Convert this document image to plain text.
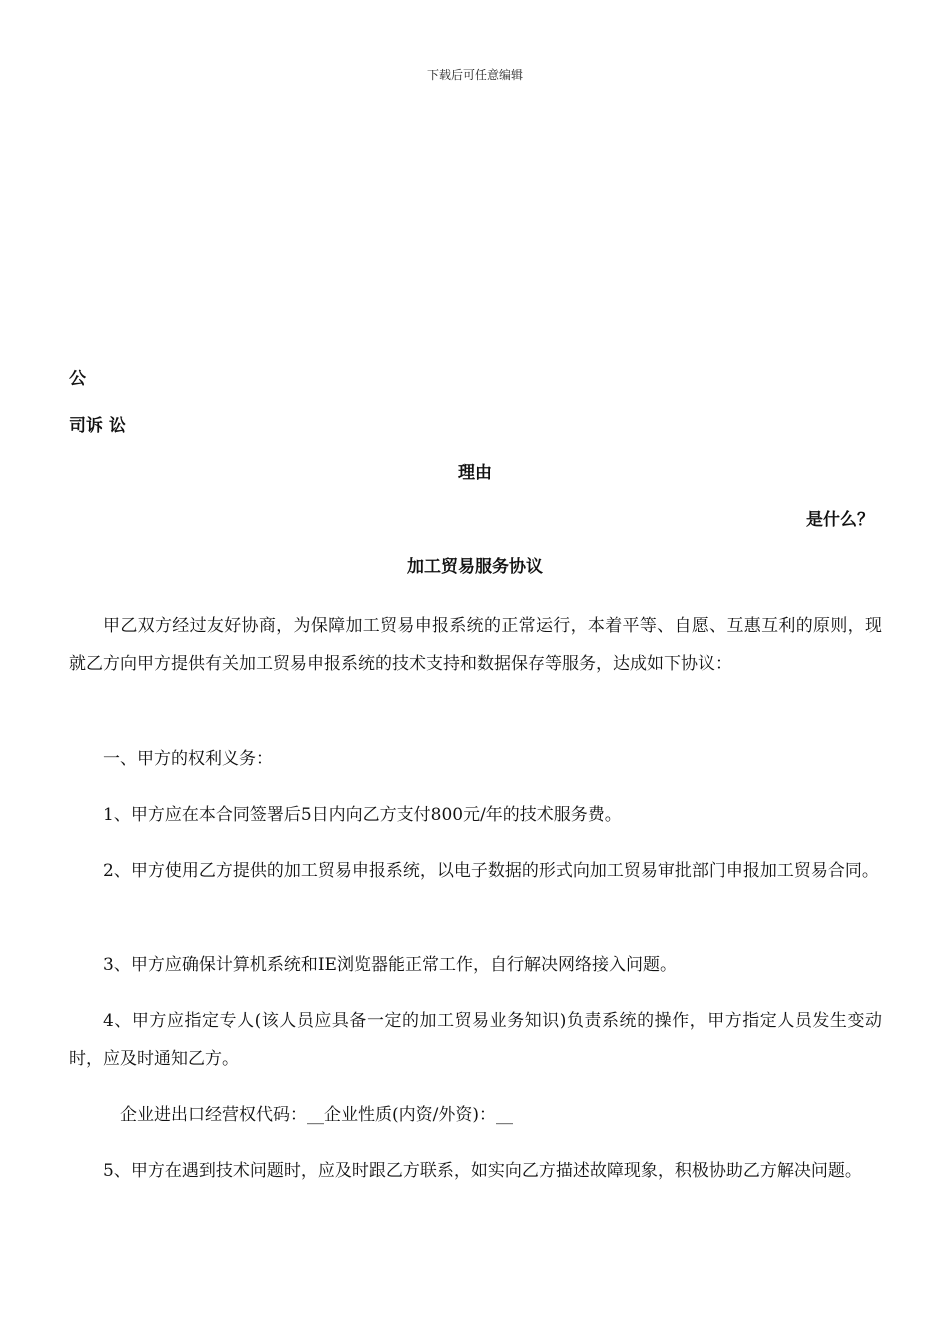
下载后可任意编辑
公
司诉 讼
理由
是什么？
加工贸易服务协议

甲乙双方经过友好协商，为保障加工贸易申报系统的正常运行，本着平等、自愿、互惠互利的原则，现就乙方向甲方提供有关加工贸易申报系统的技术支持和数据保存等服务，达成如下协议：

一、甲方的权利义务：

1、甲方应在本合同签署后5日内向乙方支付800元/年的技术服务费。

2、甲方使用乙方提供的加工贸易申报系统，以电子数据的形式向加工贸易审批部门申报加工贸易合同。

3、甲方应确保计算机系统和IE浏览器能正常工作，自行解决网络接入问题。

4、甲方应指定专人(该人员应具备一定的加工贸易业务知识)负责系统的操作，甲方指定人员发生变动时，应及时通知乙方。

企业进出口经营权代码：__企业性质(内资/外资)：__

5、甲方在遇到技术问题时，应及时跟乙方联系，如实向乙方描述故障现象，积极协助乙方解决问题。
